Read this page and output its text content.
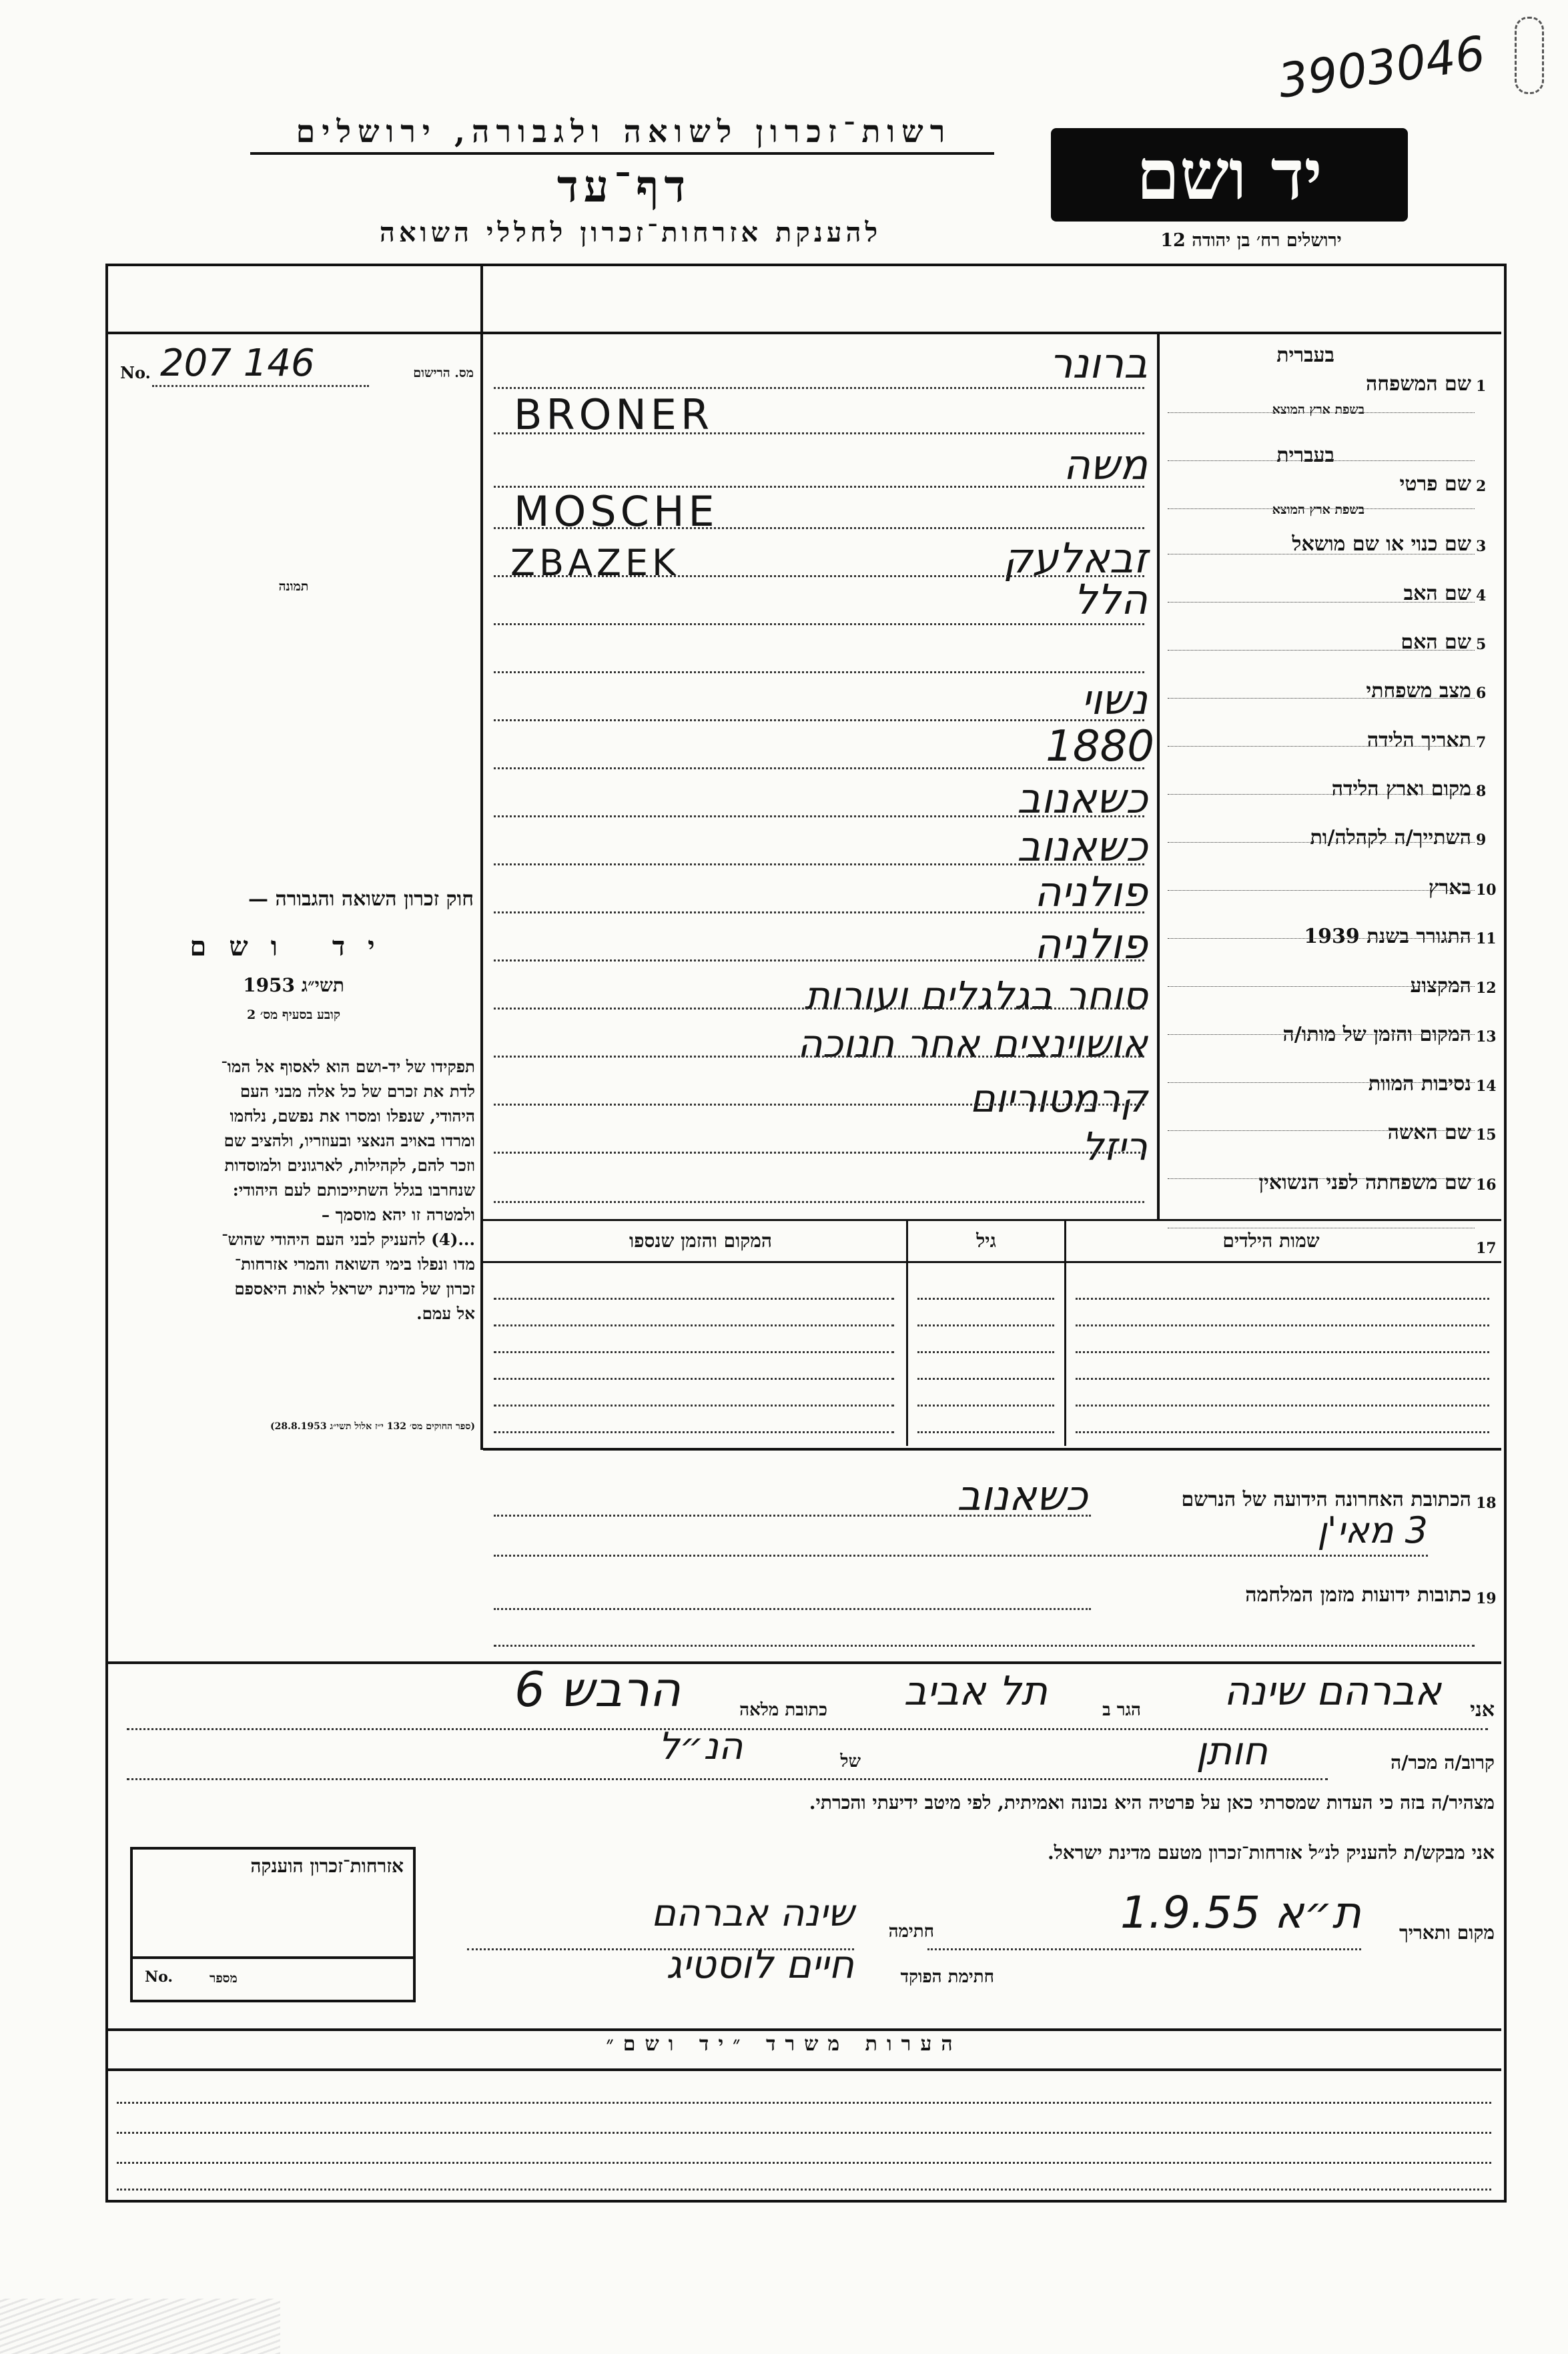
רשות־זכרון לשואה ולגבורה, ירושלים
דף־עד
להענקת אזרחות־זכרון לחללי השואה
יד ושם
ירושלים רח׳ בן יהודה 12
3903046
No. 207 146	מס. הרישום
תמונה
1
שם המשפחה
בעברית
בשפת ארץ המוצא
2
שם פרטי
בעברית
בשפת ארץ המוצא
3
שם כנוי או שם מושאל
4
שם האב
5
שם האם
6
מצב משפחתי
7
תאריך הלידה
8
מקום וארץ הלידה
9
השתייך/ה לקהלה/ות
10
בארץ
11
התגורר בשנת 1939
12
המקצוע
13
המקום והזמן של מותו/ה
14
נסיבות המוות
15
שם האשה
16
שם משפחתה לפני הנשואין
ברונר
BRONER
משה
MOSCHE
זבאלעק
ZBAZEK
הלל
נשוי
1880
כשאנוב
כשאנוב
פולניה
פולניה
סוחר בגלגלים ועורות
אושוינצים אחר חנוכה
קרמטוריום
ריזל
17
שמות הילדים
גיל
המקום והזמן שנספו
חוק זכרון השואה והגבורה —
יד ושם
תשי״ג 1953
קובע בסעיף מס׳ 2
תפקידו של יד-ושם הוא לאסוף אל המו־
לדת את זכרם של כל אלה מבני העם
היהודי, שנפלו ומסרו את נפשם, נלחמו
ומרדו באויב הנאצי ובעוזריו, ולהציב שם
וזכר להם, לקהילות, לארגונים ולמוסדות
שנחרבו בגלל השתייכותם לעם היהודי:
ולמטרה זו יהא מוסמך –
...(4) להעניק לבני העם היהודי שהוש־
מדו ונפלו בימי השואה והמרי אזרחות־
זכרון של מדינת ישראל לאות היאספם
אל עמם.
(ספר החוקים מס׳ 132 י״ז אלול תשי״ג 28.8.1953)
18
הכתובת האחרונה הידועה של הנרשם
כשאנוב
3 מאי'ן
19
כתובות ידועות מזמן המלחמה
אני
אברהם שינה
הגר ב
תל אביב
כתובת מלאה
הרבש 6
קרוב/ה מכר/ה
חותן
של
הנ״ל
מצהיר/ה בזה כי העדות שמסרתי כאן על פרטיה היא נכונה ואמיתית, לפי מיטב ידיעתי והכרתי.
אני מבקש/ת להעניק לנ״ל אזרחות־זכרון מטעם מדינת ישראל.
מקום ותאריך
ת״א 1.9.55
חתימה
שינה אברהם
חתימת הפוקד
חיים לוסטיג
אזרחות־זכרון הוענקה
No.	מספר
הערות משרד ״יד ושם״
